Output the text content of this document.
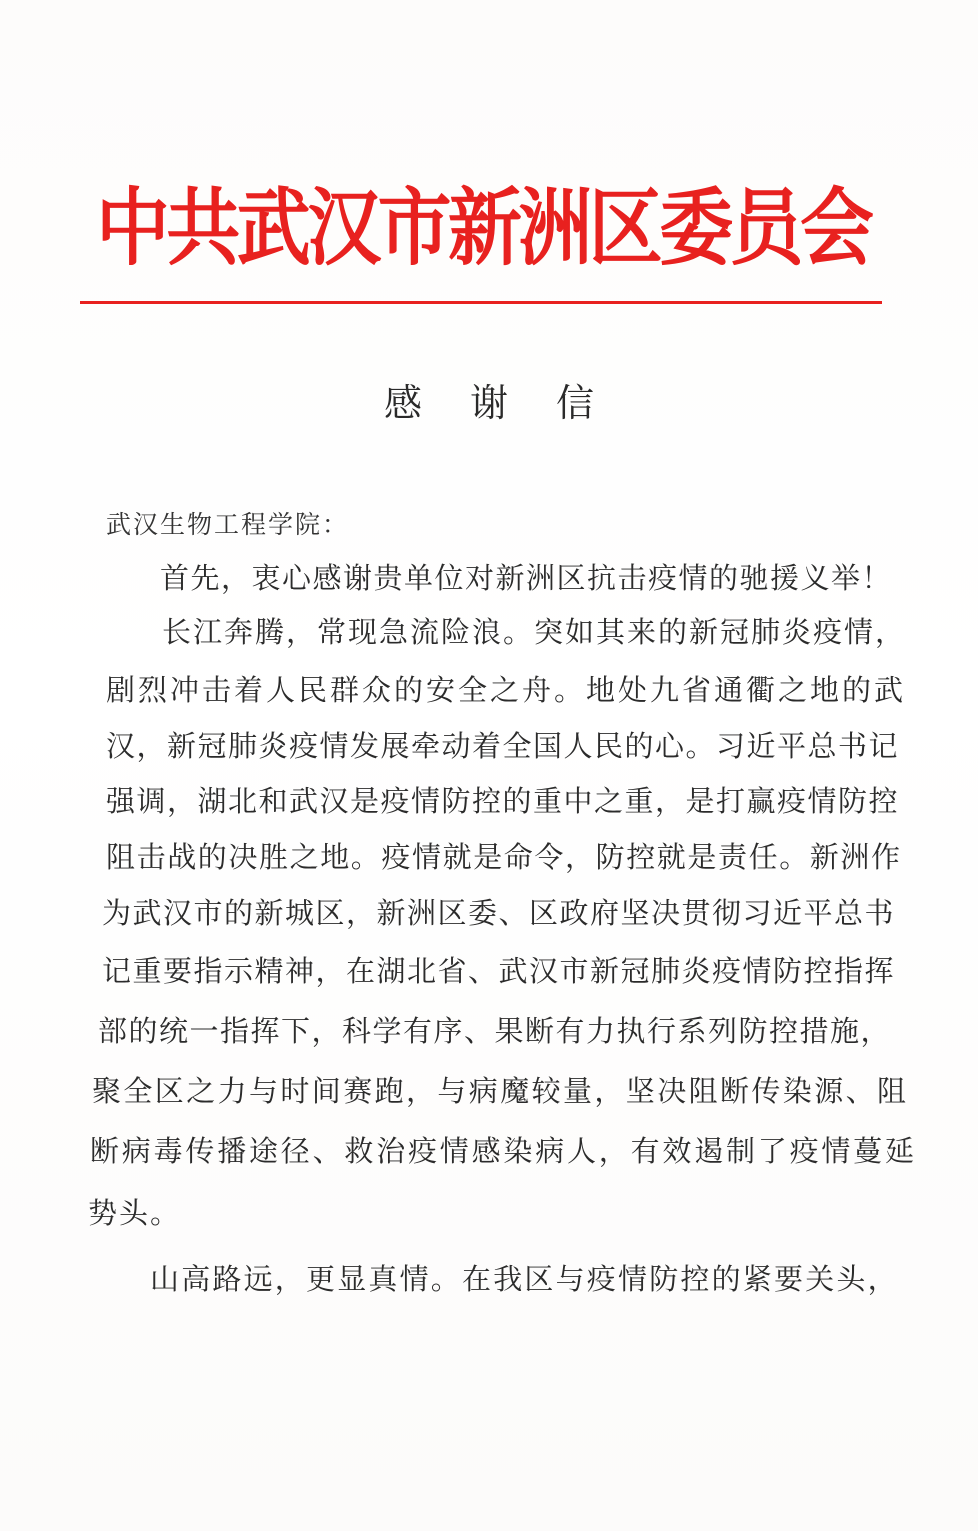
中共武汉市新洲区委员会
感谢信
武汉生物工程学院：
首先，衷心感谢贵单位对新洲区抗击疫情的驰援义举！
长江奔腾，常现急流险浪。突如其来的新冠肺炎疫情，
剧烈冲击着人民群众的安全之舟。地处九省通衢之地的武
汉，新冠肺炎疫情发展牵动着全国人民的心。习近平总书记
强调，湖北和武汉是疫情防控的重中之重，是打赢疫情防控
阻击战的决胜之地。疫情就是命令，防控就是责任。新洲作
为武汉市的新城区，新洲区委、区政府坚决贯彻习近平总书
记重要指示精神，在湖北省、武汉市新冠肺炎疫情防控指挥
部的统一指挥下，科学有序、果断有力执行系列防控措施，
聚全区之力与时间赛跑，与病魔较量，坚决阻断传染源、阻
断病毒传播途径、救治疫情感染病人，有效遏制了疫情蔓延
势头。
山高路远，更显真情。在我区与疫情防控的紧要关头，
